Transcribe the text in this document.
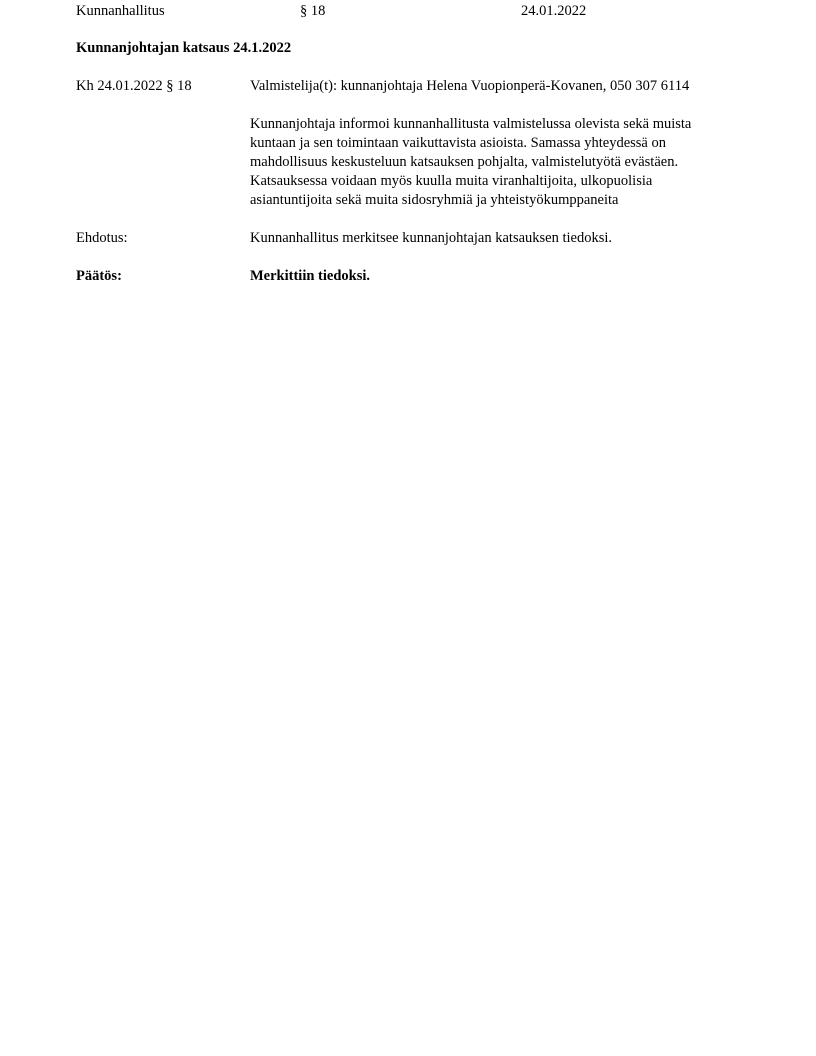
Kunnanhallitus	§ 18	24.01.2022
Kunnanjohtajan katsaus 24.1.2022
Kh 24.01.2022 § 18	Valmistelija(t): kunnanjohtaja Helena Vuopionperä-Kovanen, 050 307 6114
Kunnanjohtaja informoi kunnanhallitusta valmistelussa olevista sekä muista
kuntaan ja sen toimintaan vaikuttavista asioista. Samassa yhteydessä on
mahdollisuus keskusteluun katsauksen pohjalta, valmistelutyötä evästäen.
Katsauksessa voidaan myös kuulla muita viranhaltijoita, ulkopuolisia
asiantuntijoita sekä muita sidosryhmiä ja yhteistyökumppaneita
Ehdotus:	Kunnanhallitus merkitsee kunnanjohtajan katsauksen tiedoksi.
Päätös:	Merkittiin tiedoksi.
